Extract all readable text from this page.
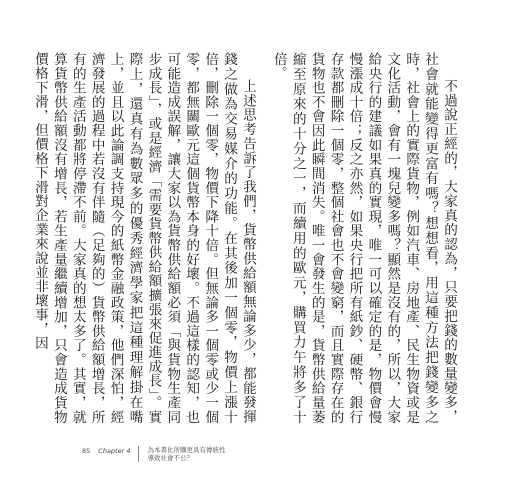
不過說正經的，大家真的認為，只要把錢的數量變多，社會就能變得更富有嗎？想想看，用這種方法把錢變多之時，社會上的實際貨物，例如汽車、房地產、民生物資或是文化活動，會有一塊兒變多嗎？顯然是沒有的，所以，大家給央行的建議如果真的實現，唯一可以確定的是，物價會慢慢漲成十倍；反之亦然，如果央行把所有紙鈔、硬幣、銀行存款都刪除一個零，整個社會也不會變窮，而且實際存在的貨物也不會因此瞬間消失。唯一會發生的是，貨幣供給量萎縮至原來的十分之一，而續用的歐元，購買力午將多了十倍。

上述思考告訴了我們，貨幣供給額無論多少，都能發揮錢之做為交易媒介的功能。在其後加一個零，物價上漲十倍，刪除一個零，物價下降十倍。但無論多一個零或少一個零，都無關歐元這個貨幣本身的好壞。不過這樣的認知，也可能造成誤解，讓大家以為貨幣供給額必須「與貨物生產同步成長」，或是經濟「需要貨幣供給額擴張來促進成長」。實際上，還真有為數眾多的優秀經濟學家把這種理解掛在嘴上，並且以此論調支持現今的紙幣金融政策，他們深怕，經濟發展的過程中若沒有伴隨（足夠的）貨幣供給額增長，所有的生產活動都將停滯不前。大家真的想太多了。其實，就算貨幣供給額沒有增長，若生產量繼續增加，只會造成貨物價格下滑，但價格下滑對企業來說並非壞事，因

85 Chapter 4	為本書比所購更具有傳統性
導致社會不公？
